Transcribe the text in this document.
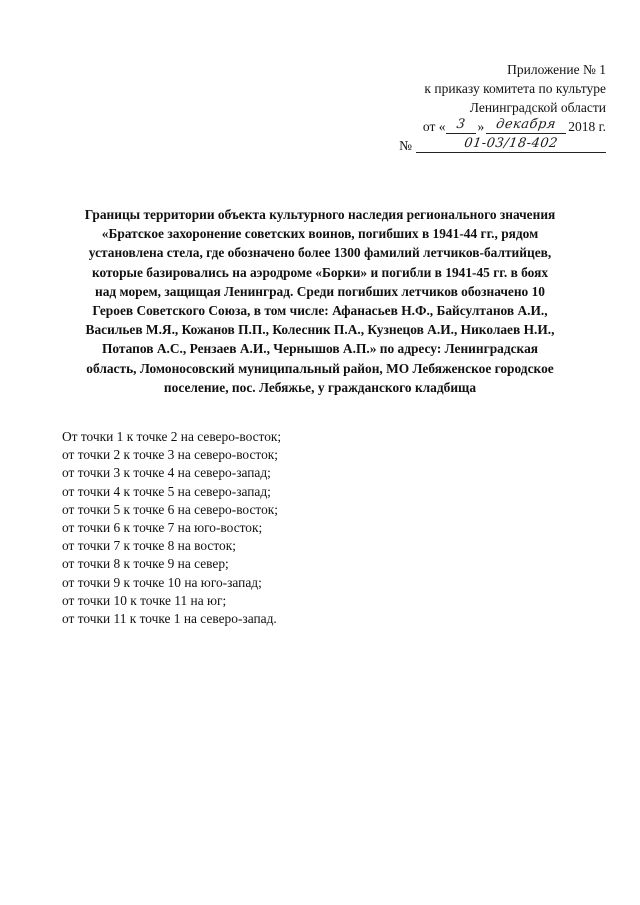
Приложение № 1
к приказу комитета по культуре
Ленинградской области
от « 3 » декабря 2018 г.
№	01-03/18-402
Границы территории объекта культурного наследия регионального значения
«Братское захоронение советских воинов, погибших в 1941-44 гг., рядом
установлена стела, где обозначено более 1300 фамилий летчиков-балтийцев,
которые базировались на аэродроме «Борки» и погибли в 1941-45 гг. в боях
над морем, защищая Ленинград. Среди погибших летчиков обозначено 10
Героев Советского Союза, в том числе: Афанасьев Н.Ф., Байсултанов А.И.,
Васильев М.Я., Кожанов П.П., Колесник П.А., Кузнецов А.И., Николаев Н.И.,
Потапов А.С., Рензаев А.И., Чернышов А.П.» по адресу: Ленинградская
область, Ломоносовский муниципальный район, МО Лебяженское городское
поселение, пос. Лебяжье, у гражданского кладбища
От точки 1 к точке 2 на северо-восток;
от точки 2 к точке 3 на северо-восток;
от точки 3 к точке 4 на северо-запад;
от точки 4 к точке 5 на северо-запад;
от точки 5 к точке 6 на северо-восток;
от точки 6 к точке 7 на юго-восток;
от точки 7 к точке 8 на восток;
от точки 8 к точке 9 на север;
от точки 9 к точке 10 на юго-запад;
от точки 10 к точке 11 на юг;
от точки 11 к точке 1 на северо-запад.
